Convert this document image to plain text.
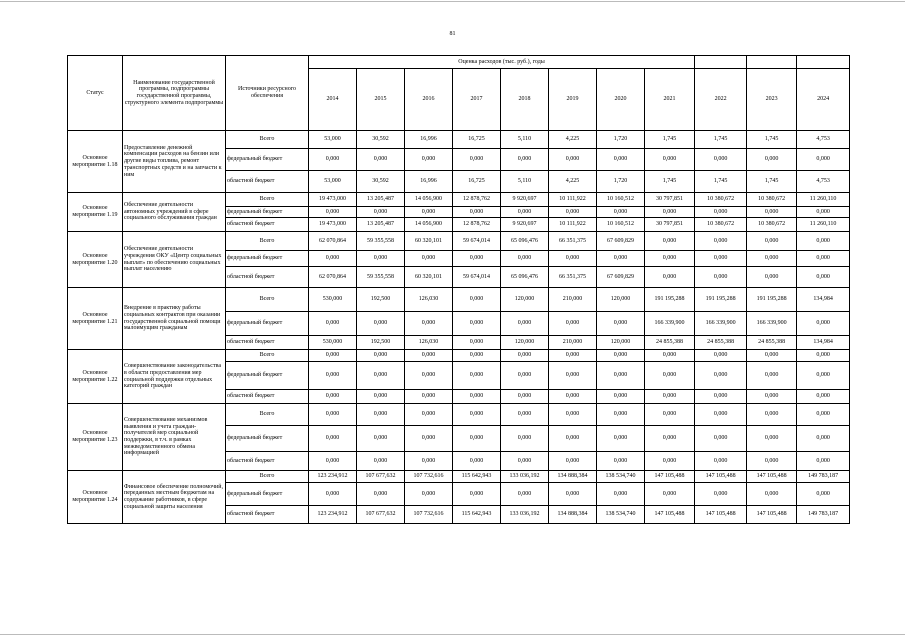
81
Статус	Наименование государственной программы, подпрограммы государственной программы, структурного элемента подпрограммы	Источники ресурсного обеспечения	Оценка расходов (тыс. руб.), годы										
			2014	2015	2016	2017	2018	2019	2020	2021	2022	2023	2024
Основное мероприятие 1.18	Предоставление денежной компенсации расходов на бензин или другие виды топлива, ремонт транспортных средств и на запчасти к ним	Всего	53,000	30,592	16,996	16,725	5,110	4,225	1,720	1,745	1,745	1,745	4,753
		федеральный бюджет	0,000	0,000	0,000	0,000	0,000	0,000	0,000	0,000	0,000	0,000	0,000
		областной бюджет	53,000	30,592	16,996	16,725	5,110	4,225	1,720	1,745	1,745	1,745	4,753
Основное мероприятие 1.19	Обеспечение деятельности автономных учреждений в сфере социального обслуживания граждан	Всего	19 473,000	13 205,487	14 056,900	12 878,762	9 920,697	10 111,922	10 160,512	30 797,851	10 380,672	10 380,672	11 260,110
		федеральный бюджет	0,000	0,000	0,000	0,000	0,000	0,000	0,000	0,000	0,000	0,000	0,000
		областной бюджет	19 473,000	13 205,487	14 056,900	12 878,762	9 920,697	10 111,922	10 160,512	30 797,851	10 380,672	10 380,672	11 260,110
Основное мероприятие 1.20	Обеспечение деятельности учреждения ОКУ «Центр социальных выплат» по обеспечению социальных выплат населению	Всего	62 070,864	59 355,558	60 320,101	59 674,014	65 096,476	66 351,375	67 609,829	0,000	0,000	0,000	0,000
		федеральный бюджет	0,000	0,000	0,000	0,000	0,000	0,000	0,000	0,000	0,000	0,000	0,000
		областной бюджет	62 070,864	59 355,558	60 320,101	59 674,014	65 096,476	66 351,375	67 609,829	0,000	0,000	0,000	0,000
Основное мероприятие 1.21	Внедрение в практику работы социальных контрактов при оказании государственной социальной помощи малоимущим гражданам	Всего	530,000	192,500	126,030	0,000	120,000	210,000	120,000	191 195,288	191 195,288	191 195,288	134,984
		федеральный бюджет	0,000	0,000	0,000	0,000	0,000	0,000	0,000	166 339,900	166 339,900	166 339,900	0,000
		областной бюджет	530,000	192,500	126,030	0,000	120,000	210,000	120,000	24 855,388	24 855,388	24 855,388	134,984
Основное мероприятие 1.22	Совершенствование законодательства в области предоставления мер социальной поддержки отдельных категорий граждан	Всего	0,000	0,000	0,000	0,000	0,000	0,000	0,000	0,000	0,000	0,000	0,000
		федеральный бюджет	0,000	0,000	0,000	0,000	0,000	0,000	0,000	0,000	0,000	0,000	0,000
		областной бюджет	0,000	0,000	0,000	0,000	0,000	0,000	0,000	0,000	0,000	0,000	0,000
Основное мероприятие 1.23	Совершенствование механизмов выявления и учета граждан-получателей мер социальной поддержки, в т.ч. в рамках межведомственного обмена информацией	Всего	0,000	0,000	0,000	0,000	0,000	0,000	0,000	0,000	0,000	0,000	0,000
		федеральный бюджет	0,000	0,000	0,000	0,000	0,000	0,000	0,000	0,000	0,000	0,000	0,000
		областной бюджет	0,000	0,000	0,000	0,000	0,000	0,000	0,000	0,000	0,000	0,000	0,000
Основное мероприятие 1.24	Финансовое обеспечение полномочий, переданных местным бюджетам на содержание работников, в сфере социальной защиты населения	Всего	123 234,912	107 677,632	107 732,616	115 642,943	133 036,192	134 888,384	138 534,740	147 105,488	147 105,488	147 105,488	149 783,187
		федеральный бюджет	0,000	0,000	0,000	0,000	0,000	0,000	0,000	0,000	0,000	0,000	0,000
		областной бюджет	123 234,912	107 677,632	107 732,616	115 642,943	133 036,192	134 888,384	138 534,740	147 105,488	147 105,488	147 105,488	149 783,187
